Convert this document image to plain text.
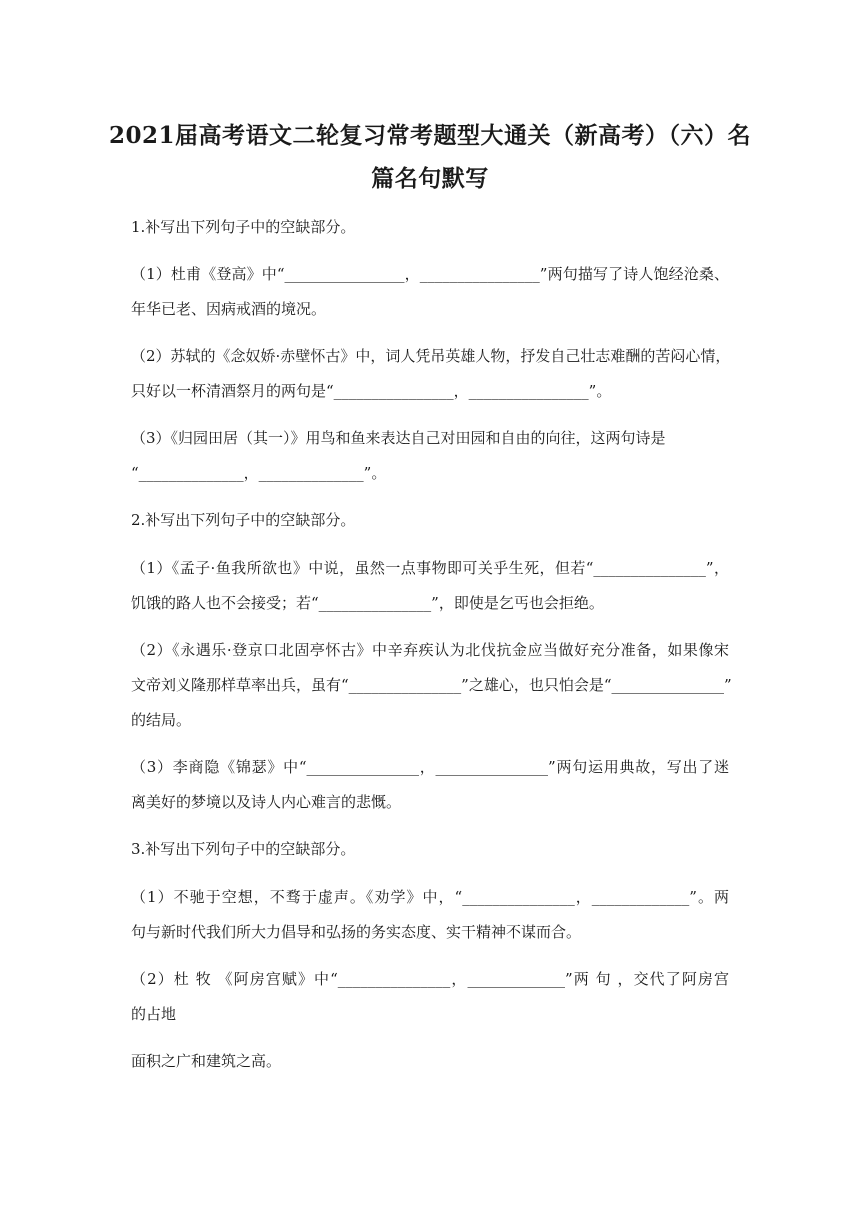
2021届高考语文二轮复习常考题型大通关（新高考）（六）名
篇名句默写
1.补写出下列句子中的空缺部分。
（1）杜甫《登高》中“________________，________________”两句描写了诗人饱经沧桑、
年华已老、因病戒酒的境况。
（2）苏轼的《念奴娇·赤壁怀古》中，词人凭吊英雄人物，抒发自己壮志难酬的苦闷心情，
只好以一杯清酒祭月的两句是“________________，________________”。
（3）《归园田居（其一）》用鸟和鱼来表达自己对田园和自由的向往，这两句诗是
“______________，______________”。
2.补写出下列句子中的空缺部分。
（1）《孟子·鱼我所欲也》中说，虽然一点事物即可关乎生死，但若“_______________”，
饥饿的路人也不会接受；若“_______________”，即使是乞丐也会拒绝。
（2）《永遇乐·登京口北固亭怀古》中辛弃疾认为北伐抗金应当做好充分准备，如果像宋
文帝刘义隆那样草率出兵，虽有“_______________”之雄心，也只怕会是“_______________”
的结局。
（3）李商隐《锦瑟》中“_______________，_______________”两句运用典故，写出了迷
离美好的梦境以及诗人内心难言的悲慨。
3.补写出下列句子中的空缺部分。
（1）不驰于空想，不骛于虚声。《劝学》中，“_______________，_____________”。两
句与新时代我们所大力倡导和弘扬的务实态度、实干精神不谋而合。
（2）杜 牧 《阿房宫赋》中“_______________，_____________”两 句 ，交代了阿房宫
的占地
面积之广和建筑之高。
